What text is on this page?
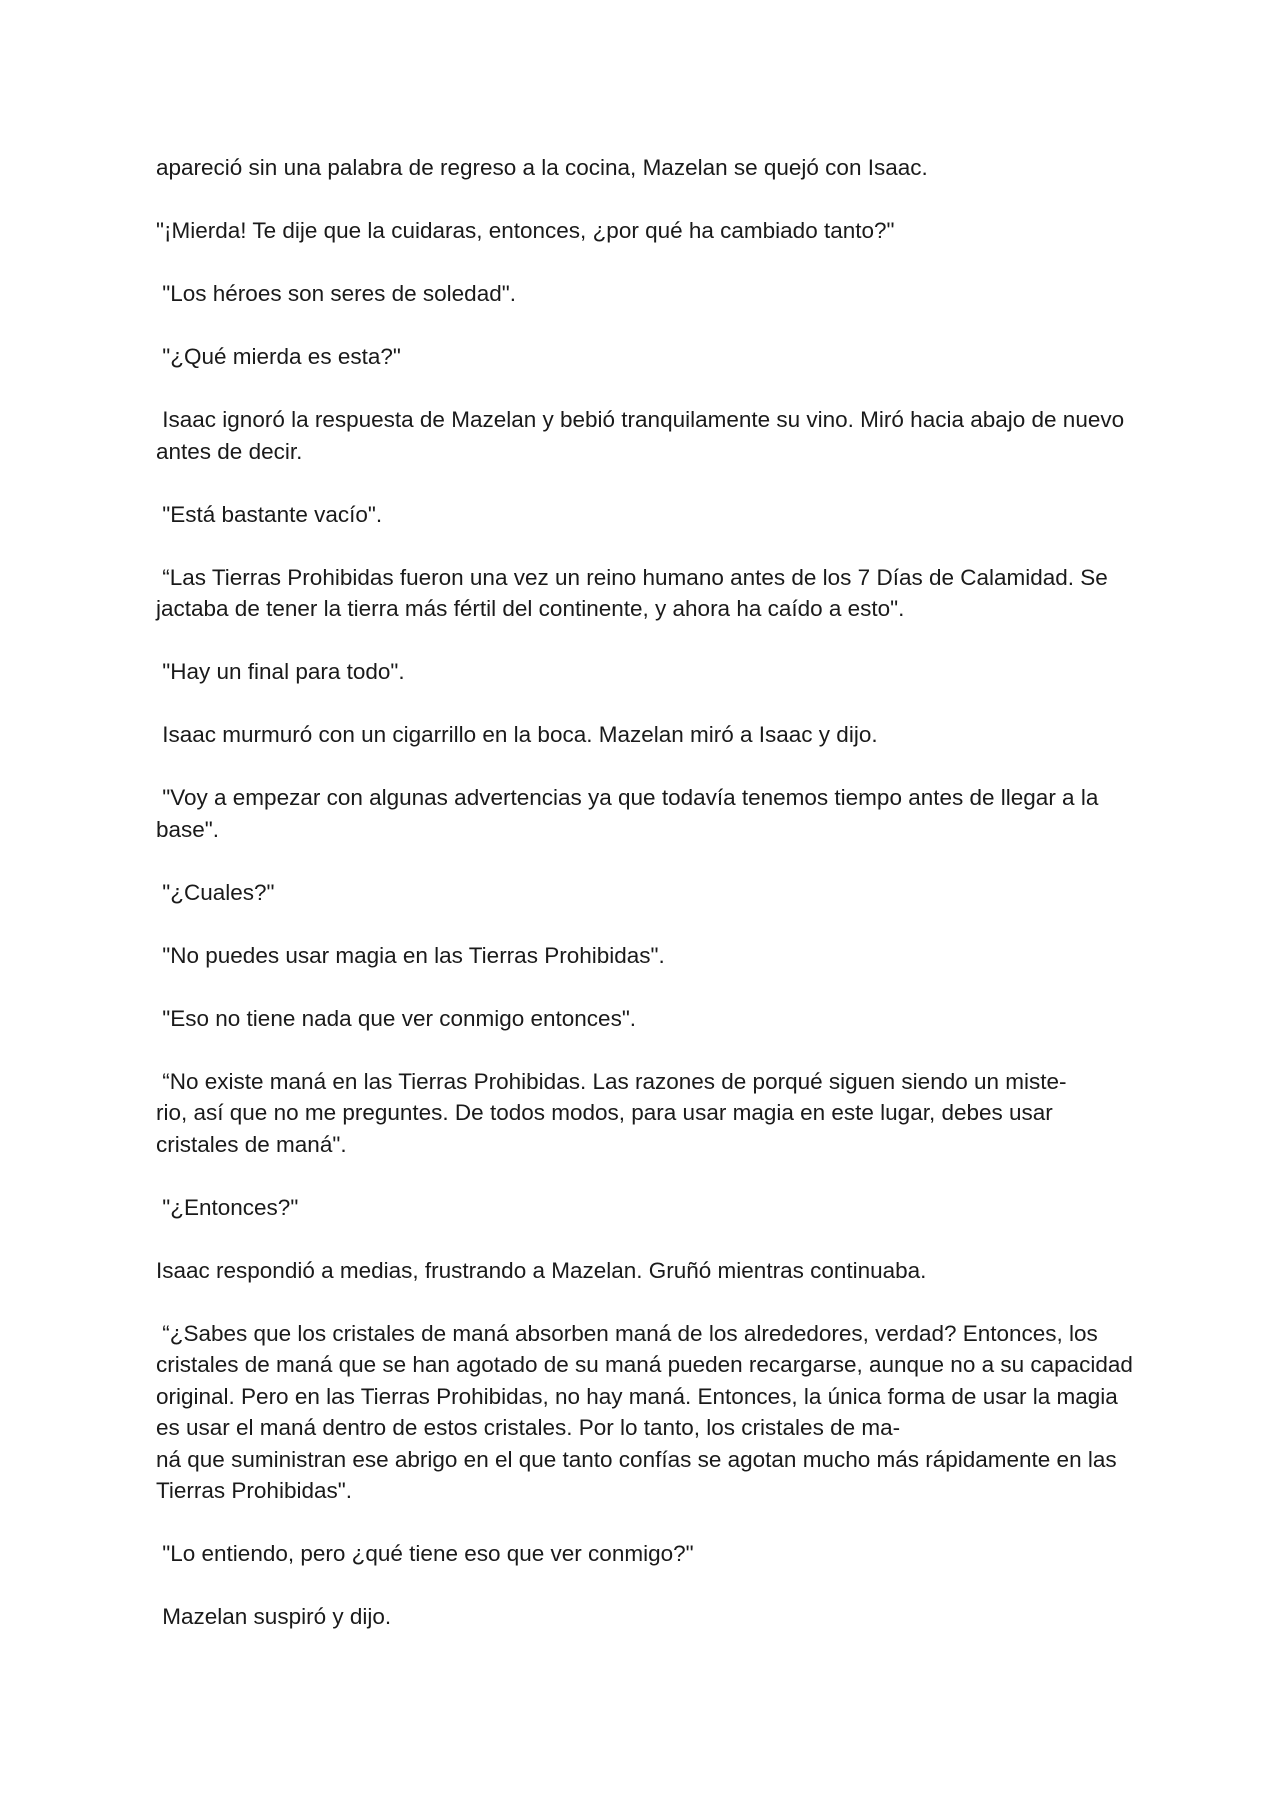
apareció sin una palabra de regreso a la cocina, Mazelan se quejó con Isaac.

"¡Mierda! Te dije que la cuidaras, entonces, ¿por qué ha cambiado tanto?"

"Los héroes son seres de soledad".

"¿Qué mierda es esta?"

Isaac ignoró la respuesta de Mazelan y bebió tranquilamente su vino. Miró hacia abajo de nuevo antes de decir.

"Está bastante vacío".

“Las Tierras Prohibidas fueron una vez un reino humano antes de los 7 Días de Calamidad. Se jactaba de tener la tierra más fértil del continente, y ahora ha caído a esto".

"Hay un final para todo".

Isaac murmuró con un cigarrillo en la boca. Mazelan miró a Isaac y dijo.

"Voy a empezar con algunas advertencias ya que todavía tenemos tiempo antes de llegar a la base".

"¿Cuales?"

"No puedes usar magia en las Tierras Prohibidas".

"Eso no tiene nada que ver conmigo entonces".

“No existe maná en las Tierras Prohibidas. Las razones de porqué siguen siendo un miste-
rio, así que no me preguntes. De todos modos, para usar magia en este lugar, debes usar cristales de maná".

"¿Entonces?"

Isaac respondió a medias, frustrando a Mazelan. Gruñó mientras continuaba.

“¿Sabes que los cristales de maná absorben maná de los alrededores, verdad? Entonces, los cristales de maná que se han agotado de su maná pueden recargarse, aunque no a su capacidad original. Pero en las Tierras Prohibidas, no hay maná. Entonces, la única forma de usar la magia es usar el maná dentro de estos cristales. Por lo tanto, los cristales de ma-
ná que suministran ese abrigo en el que tanto confías se agotan mucho más rápidamente en las Tierras Prohibidas".

"Lo entiendo, pero ¿qué tiene eso que ver conmigo?"

Mazelan suspiró y dijo.
